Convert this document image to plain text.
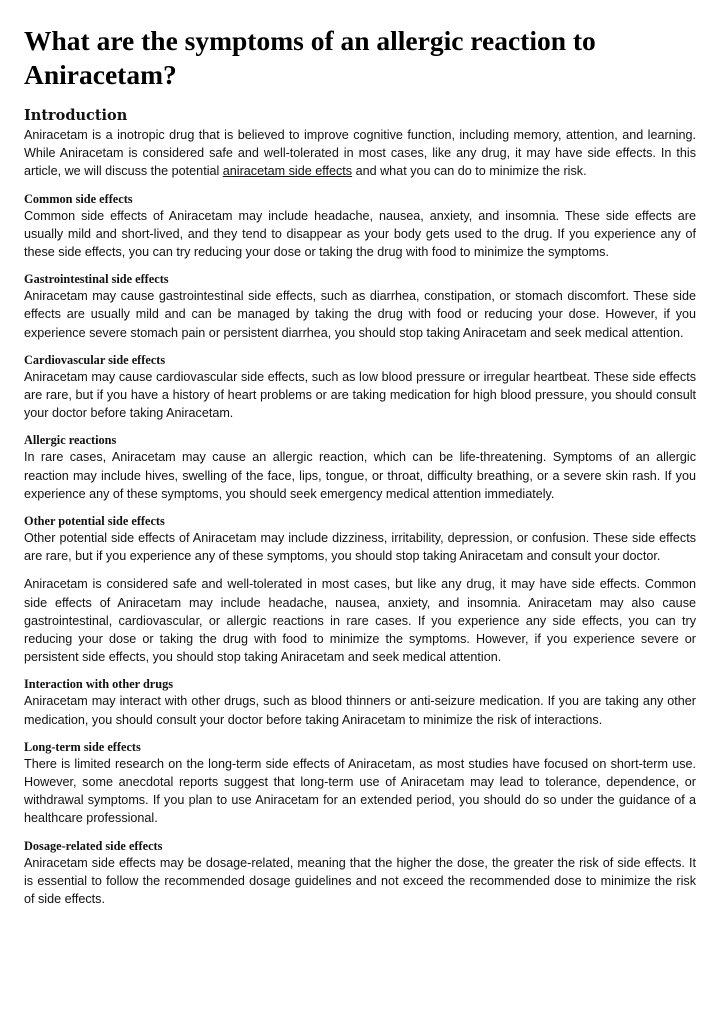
What are the symptoms of an allergic reaction to Aniracetam?
Introduction

Aniracetam is a inotropic drug that is believed to improve cognitive function, including memory, attention, and learning. While Aniracetam is considered safe and well-tolerated in most cases, like any drug, it may have side effects. In this article, we will discuss the potential aniracetam side effects and what you can do to minimize the risk.

Common side effects

Common side effects of Aniracetam may include headache, nausea, anxiety, and insomnia. These side effects are usually mild and short-lived, and they tend to disappear as your body gets used to the drug. If you experience any of these side effects, you can try reducing your dose or taking the drug with food to minimize the symptoms.

Gastrointestinal side effects

Aniracetam may cause gastrointestinal side effects, such as diarrhea, constipation, or stomach discomfort. These side effects are usually mild and can be managed by taking the drug with food or reducing your dose. However, if you experience severe stomach pain or persistent diarrhea, you should stop taking Aniracetam and seek medical attention.

Cardiovascular side effects

Aniracetam may cause cardiovascular side effects, such as low blood pressure or irregular heartbeat. These side effects are rare, but if you have a history of heart problems or are taking medication for high blood pressure, you should consult your doctor before taking Aniracetam.

Allergic reactions

In rare cases, Aniracetam may cause an allergic reaction, which can be life-threatening. Symptoms of an allergic reaction may include hives, swelling of the face, lips, tongue, or throat, difficulty breathing, or a severe skin rash. If you experience any of these symptoms, you should seek emergency medical attention immediately.

Other potential side effects

Other potential side effects of Aniracetam may include dizziness, irritability, depression, or confusion. These side effects are rare, but if you experience any of these symptoms, you should stop taking Aniracetam and consult your doctor.

Aniracetam is considered safe and well-tolerated in most cases, but like any drug, it may have side effects. Common side effects of Aniracetam may include headache, nausea, anxiety, and insomnia. Aniracetam may also cause gastrointestinal, cardiovascular, or allergic reactions in rare cases. If you experience any side effects, you can try reducing your dose or taking the drug with food to minimize the symptoms. However, if you experience severe or persistent side effects, you should stop taking Aniracetam and seek medical attention.

Interaction with other drugs

Aniracetam may interact with other drugs, such as blood thinners or anti-seizure medication. If you are taking any other medication, you should consult your doctor before taking Aniracetam to minimize the risk of interactions.

Long-term side effects

There is limited research on the long-term side effects of Aniracetam, as most studies have focused on short-term use. However, some anecdotal reports suggest that long-term use of Aniracetam may lead to tolerance, dependence, or withdrawal symptoms. If you plan to use Aniracetam for an extended period, you should do so under the guidance of a healthcare professional.

Dosage-related side effects

Aniracetam side effects may be dosage-related, meaning that the higher the dose, the greater the risk of side effects. It is essential to follow the recommended dosage guidelines and not exceed the recommended dose to minimize the risk of side effects.
